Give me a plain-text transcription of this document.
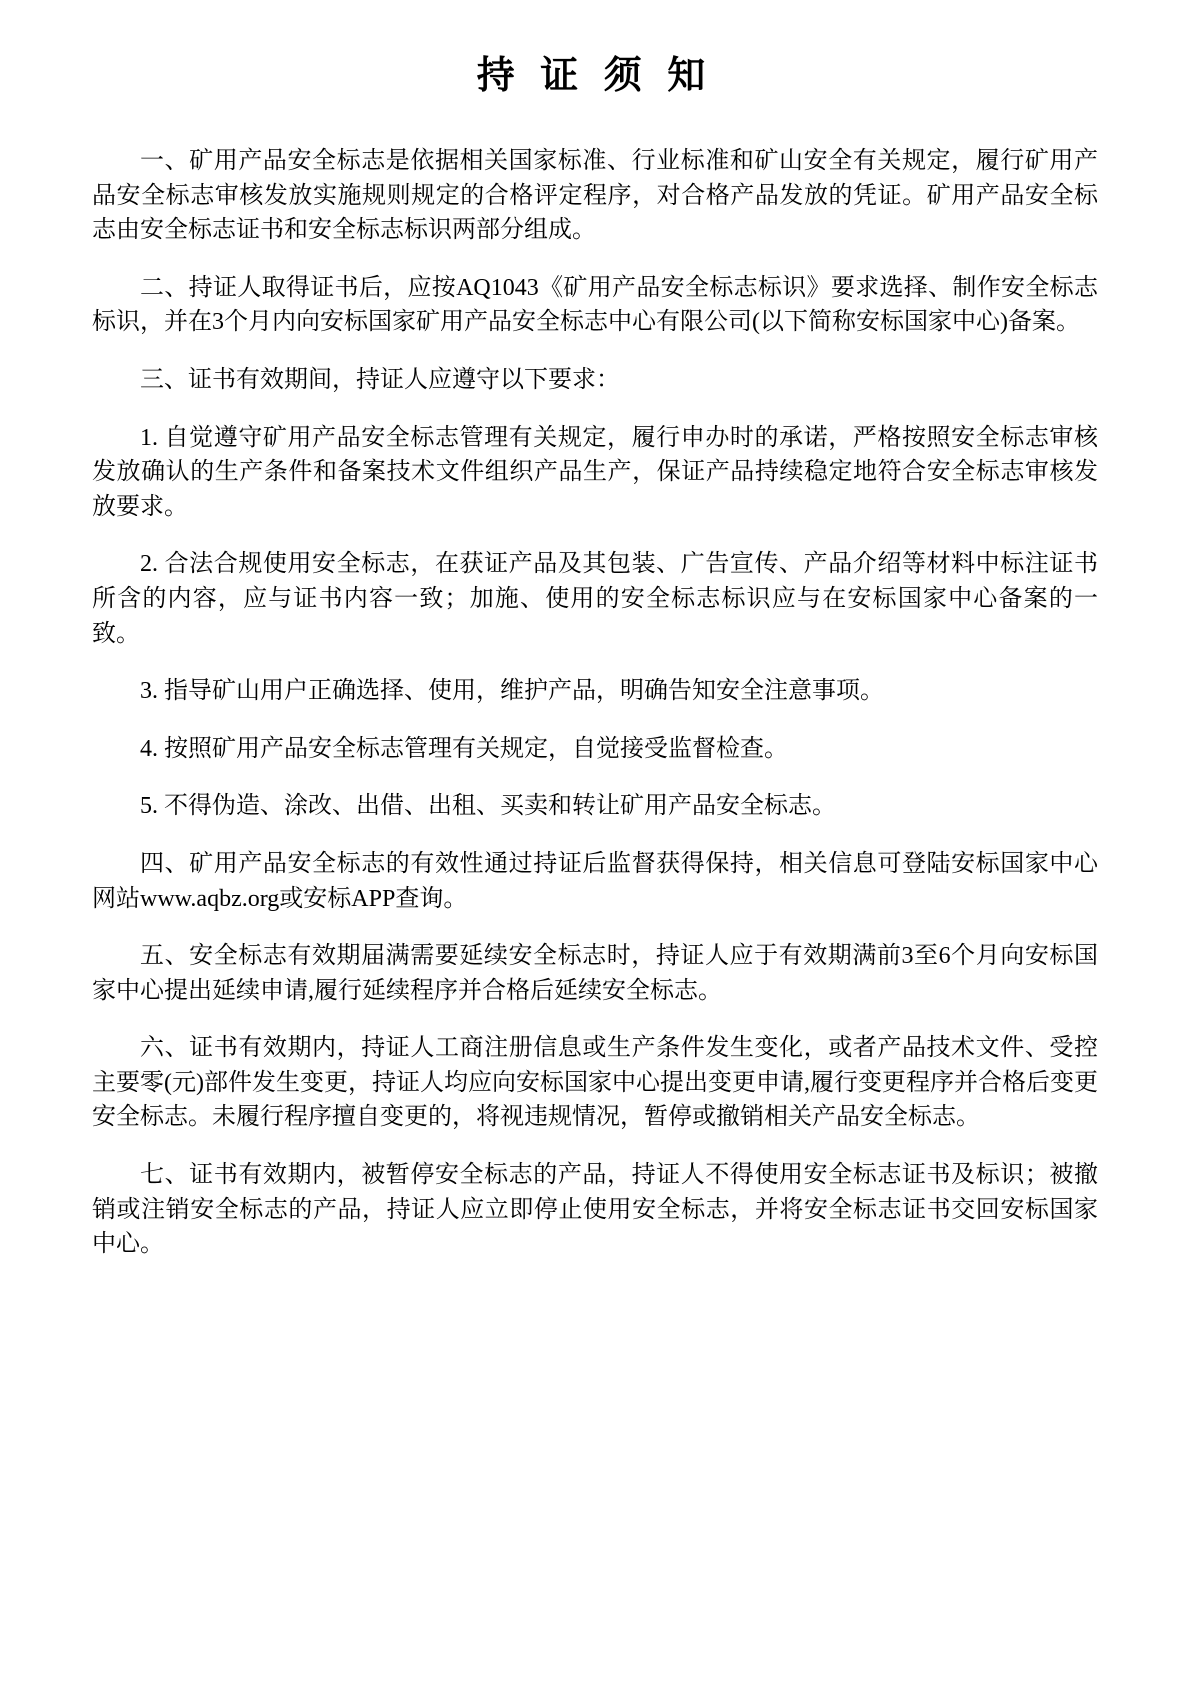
持 证 须 知

一、矿用产品安全标志是依据相关国家标准、行业标准和矿山安全有关规定，履行矿用产品安全标志审核发放实施规则规定的合格评定程序，对合格产品发放的凭证。矿用产品安全标志由安全标志证书和安全标志标识两部分组成。

二、持证人取得证书后，应按AQ1043《矿用产品安全标志标识》要求选择、制作安全标志标识，并在3个月内向安标国家矿用产品安全标志中心有限公司(以下简称安标国家中心)备案。

三、证书有效期间，持证人应遵守以下要求：

1. 自觉遵守矿用产品安全标志管理有关规定，履行申办时的承诺，严格按照安全标志审核发放确认的生产条件和备案技术文件组织产品生产，保证产品持续稳定地符合安全标志审核发放要求。

2. 合法合规使用安全标志，在获证产品及其包装、广告宣传、产品介绍等材料中标注证书所含的内容，应与证书内容一致；加施、使用的安全标志标识应与在安标国家中心备案的一致。

3. 指导矿山用户正确选择、使用，维护产品，明确告知安全注意事项。

4. 按照矿用产品安全标志管理有关规定，自觉接受监督检查。

5. 不得伪造、涂改、出借、出租、买卖和转让矿用产品安全标志。

四、矿用产品安全标志的有效性通过持证后监督获得保持，相关信息可登陆安标国家中心网站www.aqbz.org或安标APP查询。

五、安全标志有效期届满需要延续安全标志时，持证人应于有效期满前3至6个月向安标国家中心提出延续申请,履行延续程序并合格后延续安全标志。

六、证书有效期内，持证人工商注册信息或生产条件发生变化，或者产品技术文件、受控主要零(元)部件发生变更，持证人均应向安标国家中心提出变更申请,履行变更程序并合格后变更安全标志。未履行程序擅自变更的，将视违规情况，暂停或撤销相关产品安全标志。

七、证书有效期内，被暂停安全标志的产品，持证人不得使用安全标志证书及标识；被撤销或注销安全标志的产品，持证人应立即停止使用安全标志，并将安全标志证书交回安标国家中心。
